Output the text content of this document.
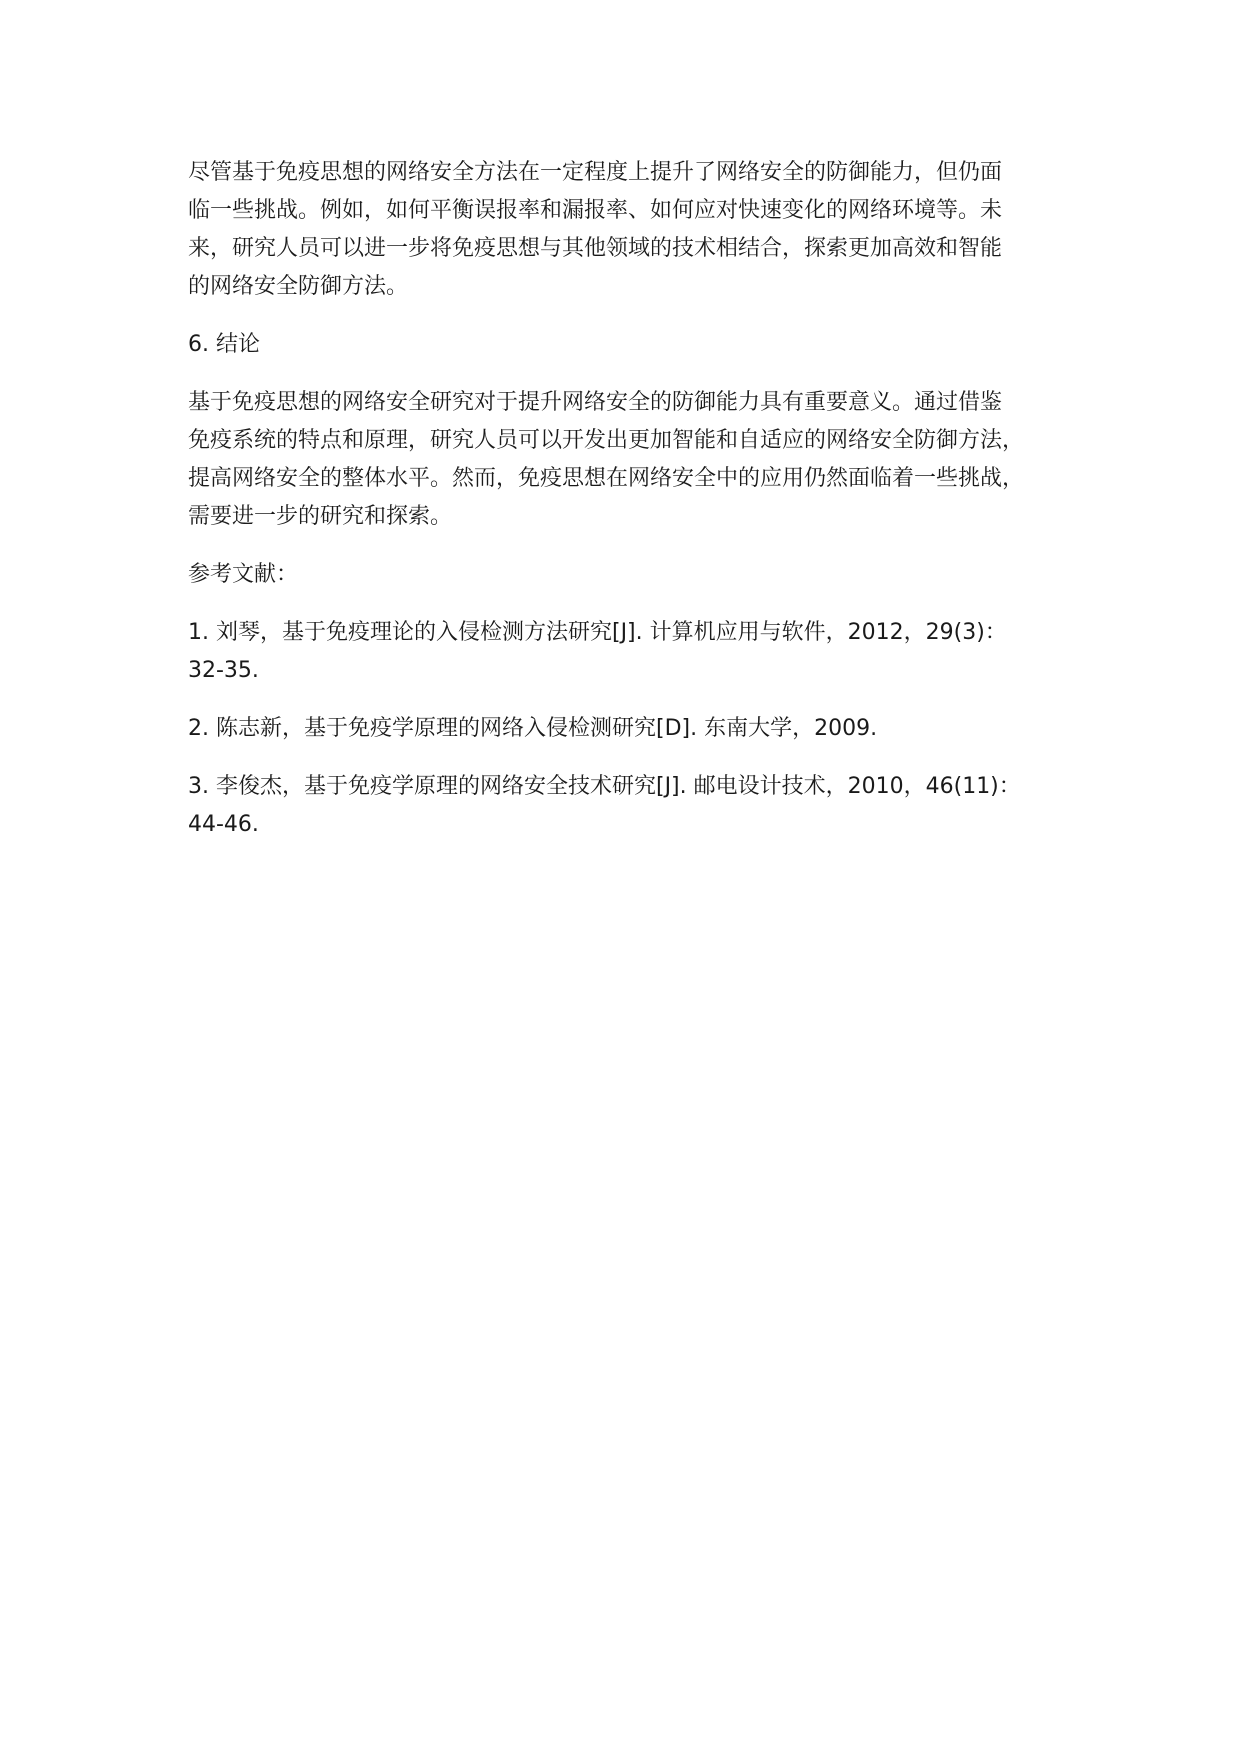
尽管基于免疫思想的网络安全方法在一定程度上提升了网络安全的防御能力，但仍面
临一些挑战。例如，如何平衡误报率和漏报率、如何应对快速变化的网络环境等。未
来，研究人员可以进一步将免疫思想与其他领域的技术相结合，探索更加高效和智能
的网络安全防御方法。
6. 结论
基于免疫思想的网络安全研究对于提升网络安全的防御能力具有重要意义。通过借鉴
免疫系统的特点和原理，研究人员可以开发出更加智能和自适应的网络安全防御方法，
提高网络安全的整体水平。然而，免疫思想在网络安全中的应用仍然面临着一些挑战，
需要进一步的研究和探索。
参考文献：
1. 刘琴，基于免疫理论的入侵检测方法研究[J]. 计算机应用与软件，2012，29(3)：
32-35.
2. 陈志新，基于免疫学原理的网络入侵检测研究[D]. 东南大学，2009.
3. 李俊杰，基于免疫学原理的网络安全技术研究[J]. 邮电设计技术，2010，46(11)：
44-46.
